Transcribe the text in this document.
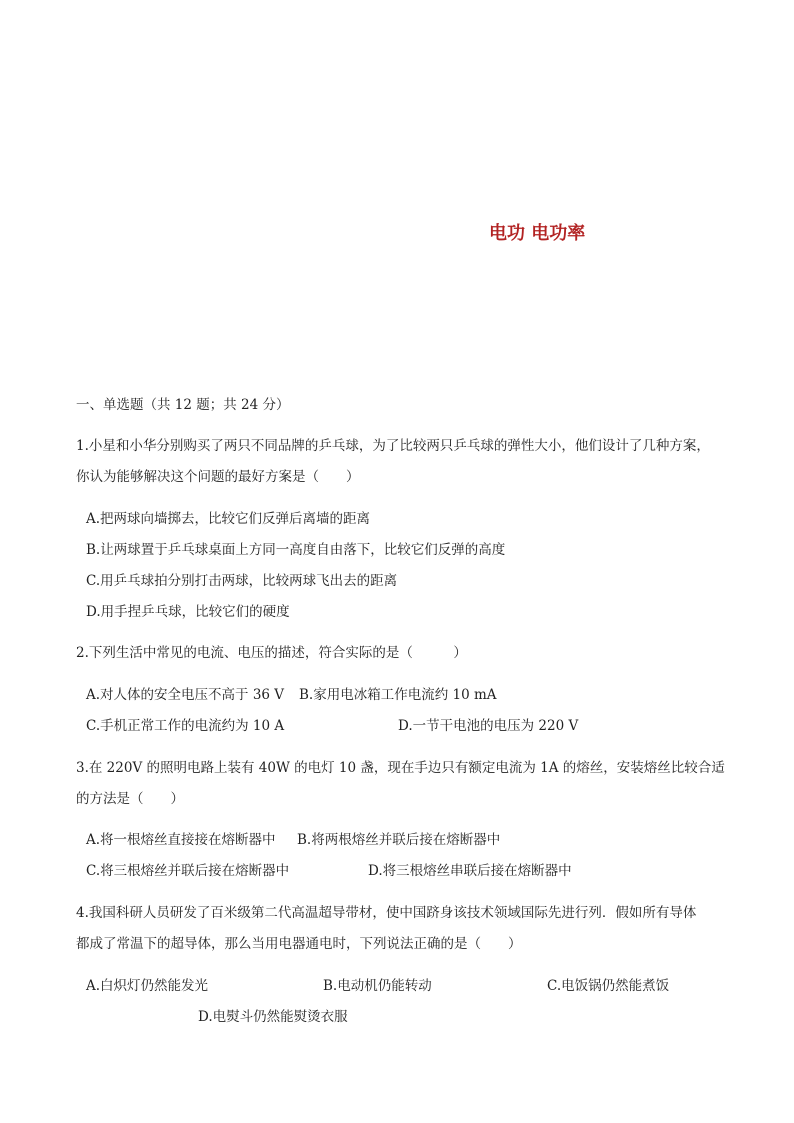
电功 电功率
一、单选题（共 12 题；共 24 分）
1.小星和小华分别购买了两只不同品牌的乒乓球，为了比较两只乒乓球的弹性大小，他们设计了几种方案，
你认为能够解决这个问题的最好方案是（　　）
A.把两球向墙掷去，比较它们反弹后离墙的距离
B.让两球置于乒乓球桌面上方同一高度自由落下，比较它们反弹的高度
C.用乒乓球拍分别打击两球，比较两球飞出去的距离
D.用手捏乒乓球，比较它们的硬度
2.下列生活中常见的电流、电压的描述，符合实际的是（　　　）
A.对人体的安全电压不高于 36 V B.家用电冰箱工作电流约 10 mA
C.手机正常工作的电流约为 10 A	D.一节干电池的电压为 220 V
3.在 220V 的照明电路上装有 40W 的电灯 10 盏，现在手边只有额定电流为 1A 的熔丝，安装熔丝比较合适
的方法是（　　）
A.将一根熔丝直接接在熔断器中 B.将两根熔丝并联后接在熔断器中
C.将三根熔丝并联后接在熔断器中	D.将三根熔丝串联后接在熔断器中
4.我国科研人员研发了百米级第二代高温超导带材，使中国跻身该技术领域国际先进行列．假如所有导体
都成了常温下的超导体，那么当用电器通电时，下列说法正确的是（　　）
A.白炽灯仍然能发光	B.电动机仍能转动	C.电饭锅仍然能煮饭
D.电熨斗仍然能熨烫衣服
